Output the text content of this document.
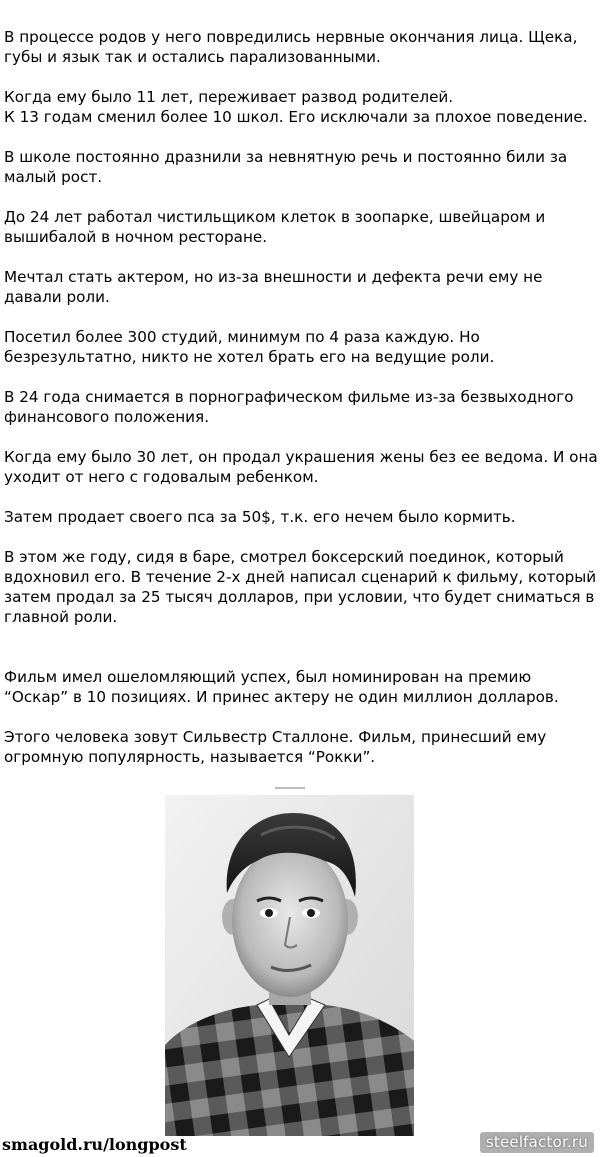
В процессе родов у него повредились нервные окончания лица. Щека, губы и язык так и остались парализованными.

Когда ему было 11 лет, переживает развод родителей.
К 13 годам сменил более 10 школ. Его исключали за плохое поведение.

В школе постоянно дразнили за невнятную речь и постоянно били за малый рост.

До 24 лет работал чистильщиком клеток в зоопарке, швейцаром и вышибалой в ночном ресторане.

Мечтал стать актером, но из-за внешности и дефекта речи ему не давали роли.

Посетил более 300 студий, минимум по 4 раза каждую. Но безрезультатно, никто не хотел брать его на ведущие роли.

В 24 года снимается в порнографическом фильме из-за безвыходного финансового положения.

Когда ему было 30 лет, он продал украшения жены без ее ведома. И она уходит от него с годовалым ребенком.

Затем продает своего пса за 50$, т.к. его нечем было кормить.

В этом же году, сидя в баре, смотрел боксерский поединок, который вдохновил его. В течение 2-х дней написал сценарий к фильму, который затем продал за 25 тысяч долларов, при условии, что будет сниматься в главной роли.

Фильм имел ошеломляющий успех, был номинирован на премию “Оскар” в 10 позициях. И принес актеру не один миллион долларов.

Этого человека зовут Сильвестр Сталлоне. Фильм, принесший ему огромную популярность, называется “Рокки”.

smagold.ru/longpost	steelfactor.ru
